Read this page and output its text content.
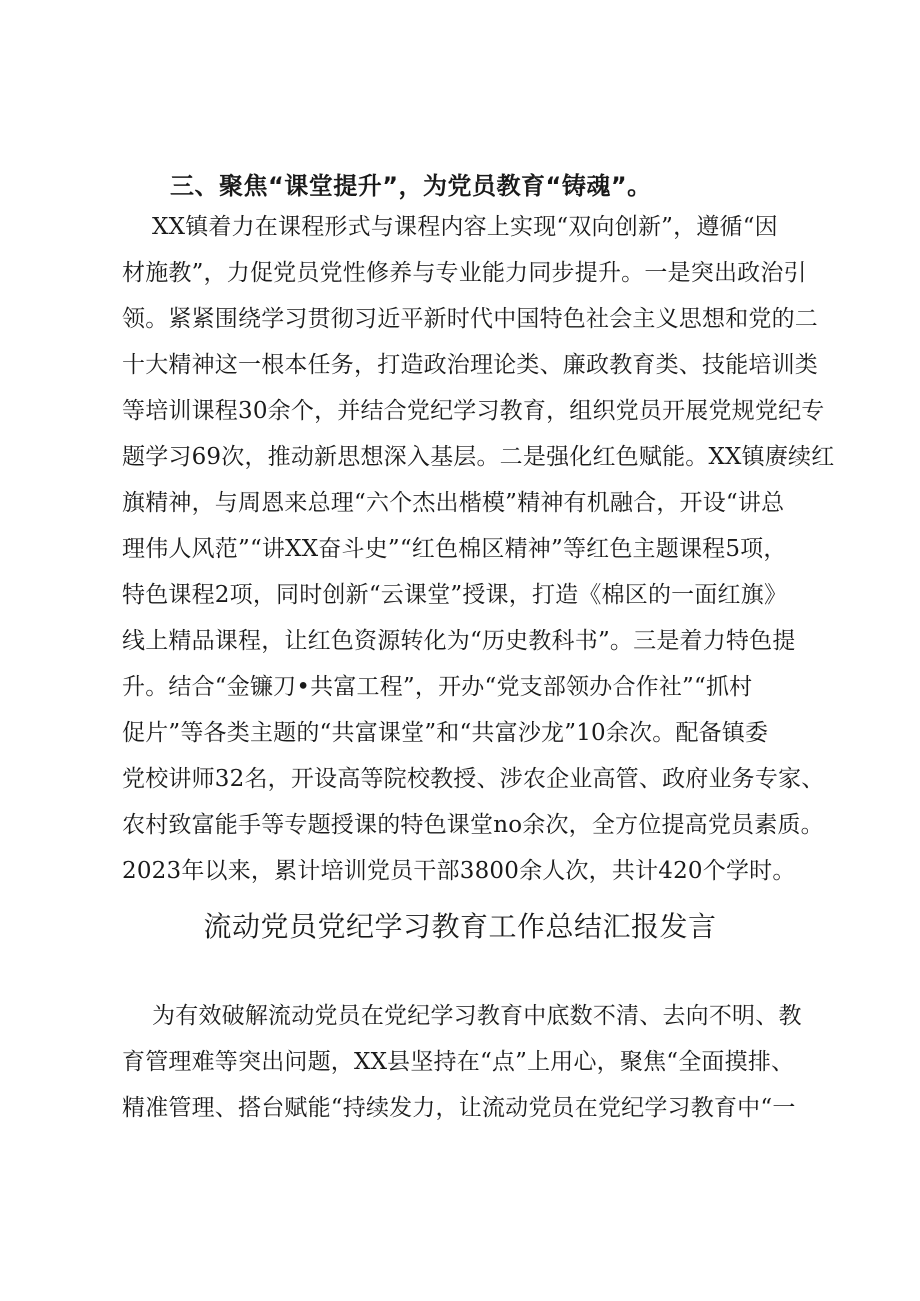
三、聚焦“课堂提升”，为党员教育“铸魂”。
XX镇着力在课程形式与课程内容上实现“双向创新”，遵循“因
材施教”，力促党员党性修养与专业能力同步提升。一是突出政治引
领。紧紧围绕学习贯彻习近平新时代中国特色社会主义思想和党的二
十大精神这一根本任务，打造政治理论类、廉政教育类、技能培训类
等培训课程30余个，并结合党纪学习教育，组织党员开展党规党纪专
题学习69次，推动新思想深入基层。二是强化红色赋能。XX镇赓续红
旗精神，与周恩来总理“六个杰出楷模”精神有机融合，开设“讲总
理伟人风范”“讲XX奋斗史”“红色棉区精神”等红色主题课程5项，
特色课程2项，同时创新“云课堂”授课，打造《棉区的一面红旗》
线上精品课程，让红色资源转化为“历史教科书”。三是着力特色提
升。结合“金镰刀•共富工程”，开办“党支部领办合作社”“抓村
促片”等各类主题的“共富课堂”和“共富沙龙”10余次。配备镇委
党校讲师32名，开设高等院校教授、涉农企业高管、政府业务专家、
农村致富能手等专题授课的特色课堂no余次，全方位提高党员素质。
2023年以来，累计培训党员干部3800余人次，共计420个学时。
流动党员党纪学习教育工作总结汇报发言
为有效破解流动党员在党纪学习教育中底数不清、去向不明、教
育管理难等突出问题，XX县坚持在“点”上用心，聚焦“全面摸排、
精准管理、搭台赋能“持续发力，让流动党员在党纪学习教育中“一
